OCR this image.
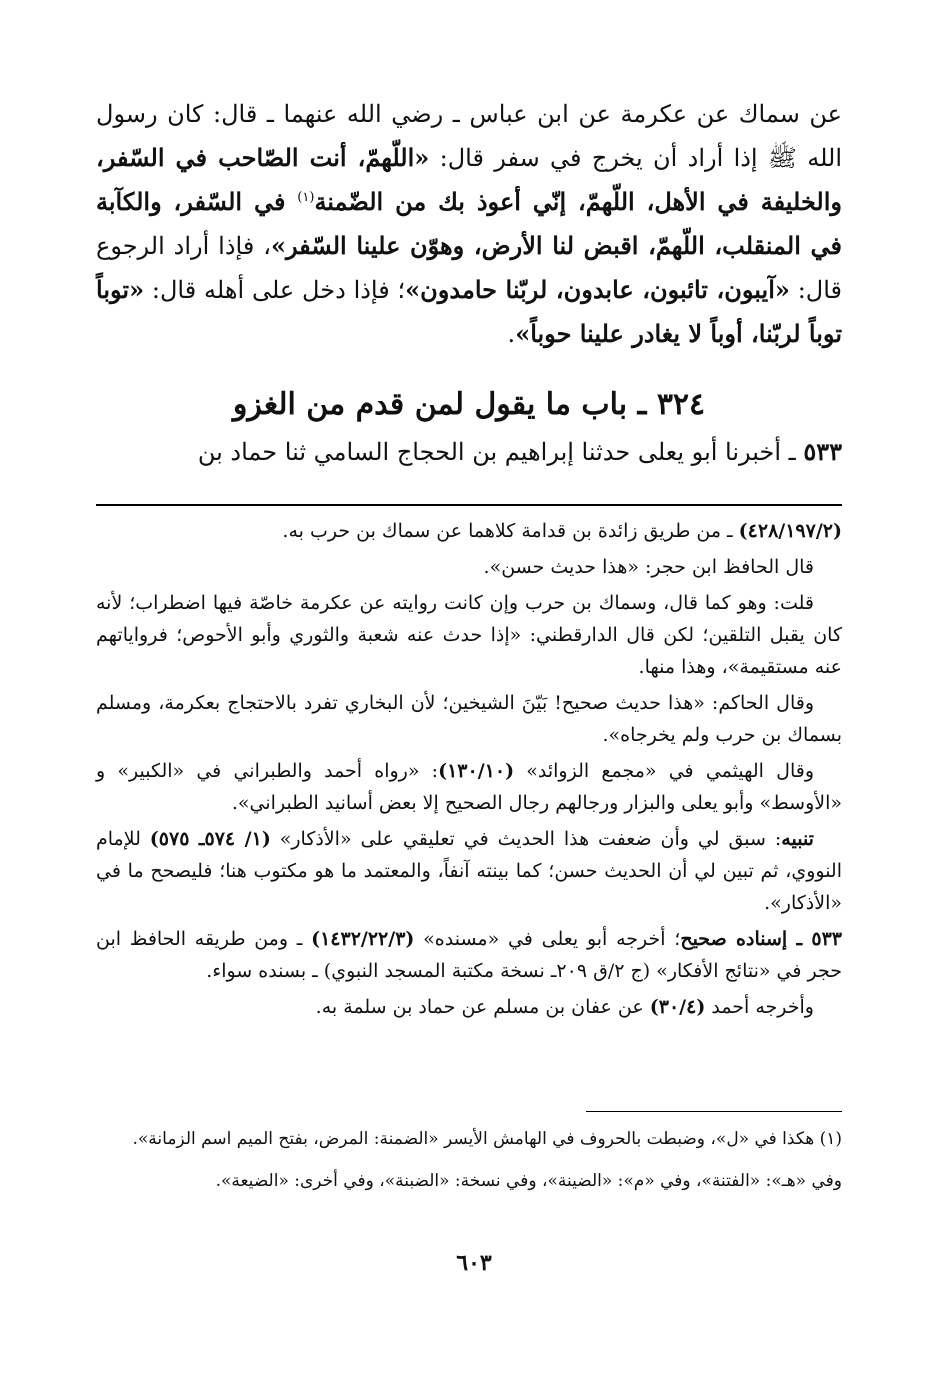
عن سماك عن عكرمة عن ابن عباس ـ رضي الله عنهما ـ قال: كان رسول الله ﷺ إذا أراد أن يخرج في سفر قال: «اللّهمّ، أنت الصّاحب في السّفر، والخليفة في الأهل، اللّهمّ، إنّي أعوذ بك من الضّمنة$^{(١)}$ في السّفر، والكآبة في المنقلب، اللّهمّ، اقبض لنا الأرض، وهوّن علينا السّفر»، فإذا أراد الرجوع قال: «آيبون، تائبون، عابدون، لربّنا حامدون»؛ فإذا دخل على أهله قال: «توباً توباً لربّنا، أوباً لا يغادر علينا حوباً».

٣٢٤ ـ باب ما يقول لمن قدم من الغزو
٥٣٣ ـ أخبرنا أبو يعلى حدثنا إبراهيم بن الحجاج السامي ثنا حماد بن

(٤٢٨/١٩٧/٢) ـ من طريق زائدة بن قدامة كلاهما عن سماك بن حرب به.

قال الحافظ ابن حجر: «هذا حديث حسن».

قلت: وهو كما قال، وسماك بن حرب وإن كانت روايته عن عكرمة خاصّة فيها اضطراب؛ لأنه كان يقبل التلقين؛ لكن قال الدارقطني: «إذا حدث عنه شعبة والثوري وأبو الأحوص؛ فرواياتهم عنه مستقيمة»، وهذا منها.

وقال الحاكم: «هذا حديث صحيح! بَيّنَ الشيخين؛ لأن البخاري تفرد بالاحتجاج بعكرمة، ومسلم بسماك بن حرب ولم يخرجاه».

وقال الهيثمي في «مجمع الزوائد» (١٣٠/١٠): «رواه أحمد والطبراني في «الكبير» و «الأوسط» وأبو يعلى والبزار ورجالهم رجال الصحيح إلا بعض أسانيد الطبراني».

تنبيه: سبق لي وأن ضعفت هذا الحديث في تعليقي على «الأذكار» (١/ ٥٧٤ـ ٥٧٥) للإمام النووي، ثم تبين لي أن الحديث حسن؛ كما بينته آنفاً، والمعتمد ما هو مكتوب هنا؛ فليصحح ما في «الأذكار».

٥٣٣ ـ إسناده صحيح؛ أخرجه أبو يعلى في «مسنده» (١٤٣٢/٢٢/٣) ـ ومن طريقه الحافظ ابن حجر في «نتائج الأفكار» (ج ٢/ق ٢٠٩ـ نسخة مكتبة المسجد النبوي) ـ بسنده سواء.

وأخرجه أحمد (٣٠/٤) عن عفان بن مسلم عن حماد بن سلمة به.

(١) هكذا في «ل»، وضبطت بالحروف في الهامش الأيسر «الضمنة: المرض، بفتح الميم اسم الزمانة».

وفي «هـ»: «الفتنة»، وفي «م»: «الضينة»، وفي نسخة: «الضبنة»، وفي أخرى: «الضيعة».

٦٠٣
